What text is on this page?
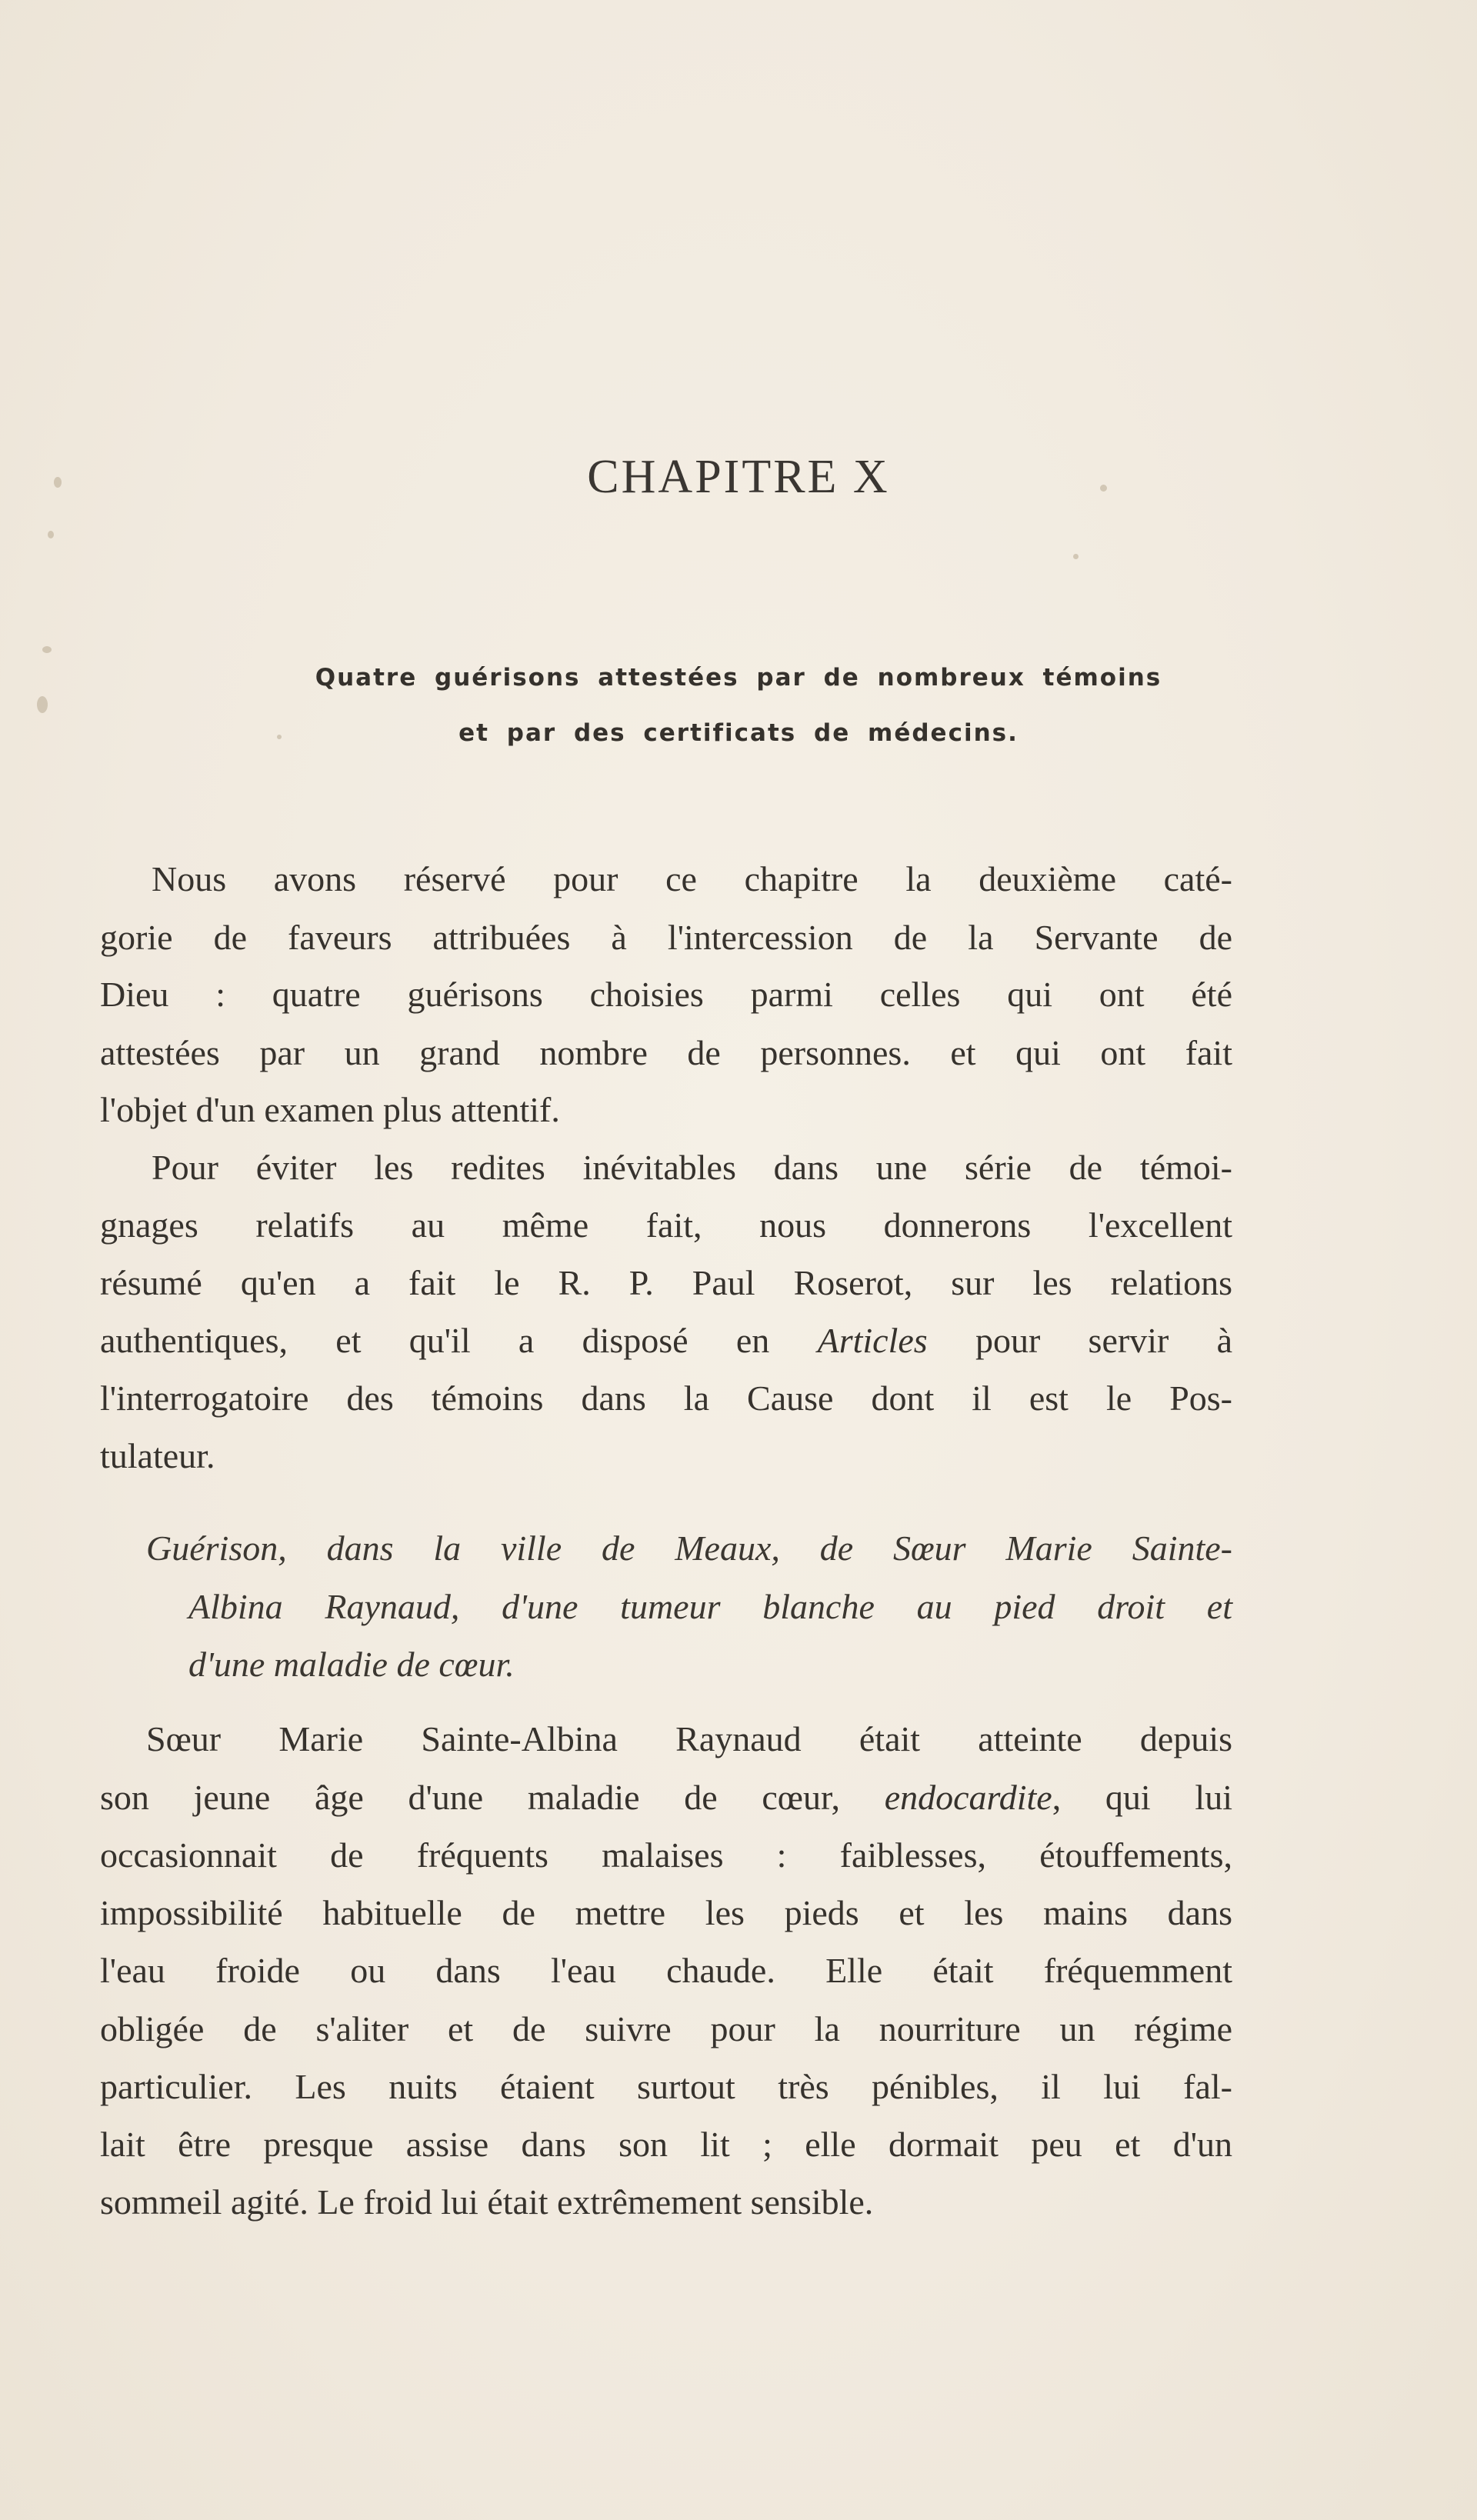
CHAPITRE X
Quatre guérisons attestées par de nombreux témoins
et par des certificats de médecins.
Nous avons réservé pour ce chapitre la deuxième caté-
gorie de faveurs attribuées à l'intercession de la Servante de
Dieu : quatre guérisons choisies parmi celles qui ont été
attestées par un grand nombre de personnes. et qui ont fait
l'objet d'un examen plus attentif.
Pour éviter les redites inévitables dans une série de témoi-
gnages relatifs au même fait, nous donnerons l'excellent
résumé qu'en a fait le R. P. Paul Roserot, sur les relations
authentiques, et qu'il a disposé en Articles pour servir à
l'interrogatoire des témoins dans la Cause dont il est le Pos-
tulateur.
Guérison, dans la ville de Meaux, de Sœur Marie Sainte-
Albina Raynaud, d'une tumeur blanche au pied droit et
d'une maladie de cœur.
Sœur Marie Sainte-Albina Raynaud était atteinte depuis
son jeune âge d'une maladie de cœur, endocardite, qui lui
occasionnait de fréquents malaises : faiblesses, étouffements,
impossibilité habituelle de mettre les pieds et les mains dans
l'eau froide ou dans l'eau chaude. Elle était fréquemment
obligée de s'aliter et de suivre pour la nourriture un régime
particulier. Les nuits étaient surtout très pénibles, il lui fal-
lait être presque assise dans son lit ; elle dormait peu et d'un
sommeil agité. Le froid lui était extrêmement sensible.
